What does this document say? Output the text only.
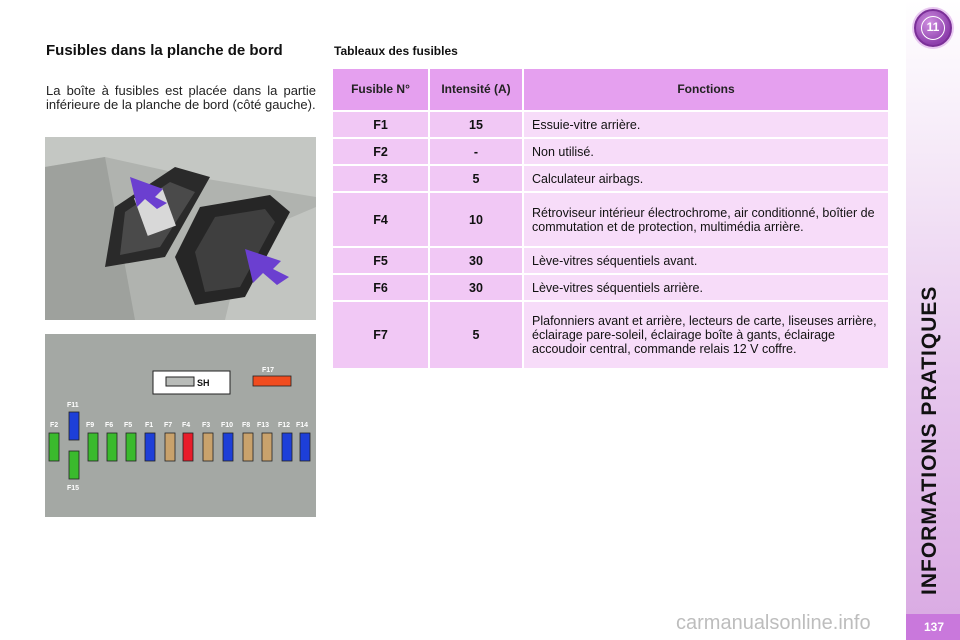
Fusibles dans la planche de bord
La boîte à fusibles est placée dans la partie inférieure de la planche de bord (côté gauche).
SH
F17
F11
F15
F2	F9 F6 F5 F1 F7 F4 F3 F10 F8 F13 F12 F14
Tableaux des fusibles
Fusible N°	Intensité (A)	Fonctions
F1	15	Essuie-vitre arrière.
F2	-	Non utilisé.
F3	5	Calculateur airbags.
F4	10	Rétroviseur intérieur électrochrome, air conditionné, boîtier de commutation et de protection, multimédia arrière.
F5	30	Lève-vitres séquentiels avant.
F6	30	Lève-vitres séquentiels arrière.
F7	5	Plafonniers avant et arrière, lecteurs de carte, liseuses arrière, éclairage pare-soleil, éclairage boîte à gants, éclairage accoudoir central, commande relais 12 V coffre.
11
INFORMATIONS PRATIQUES
137
carmanualsonline.info
